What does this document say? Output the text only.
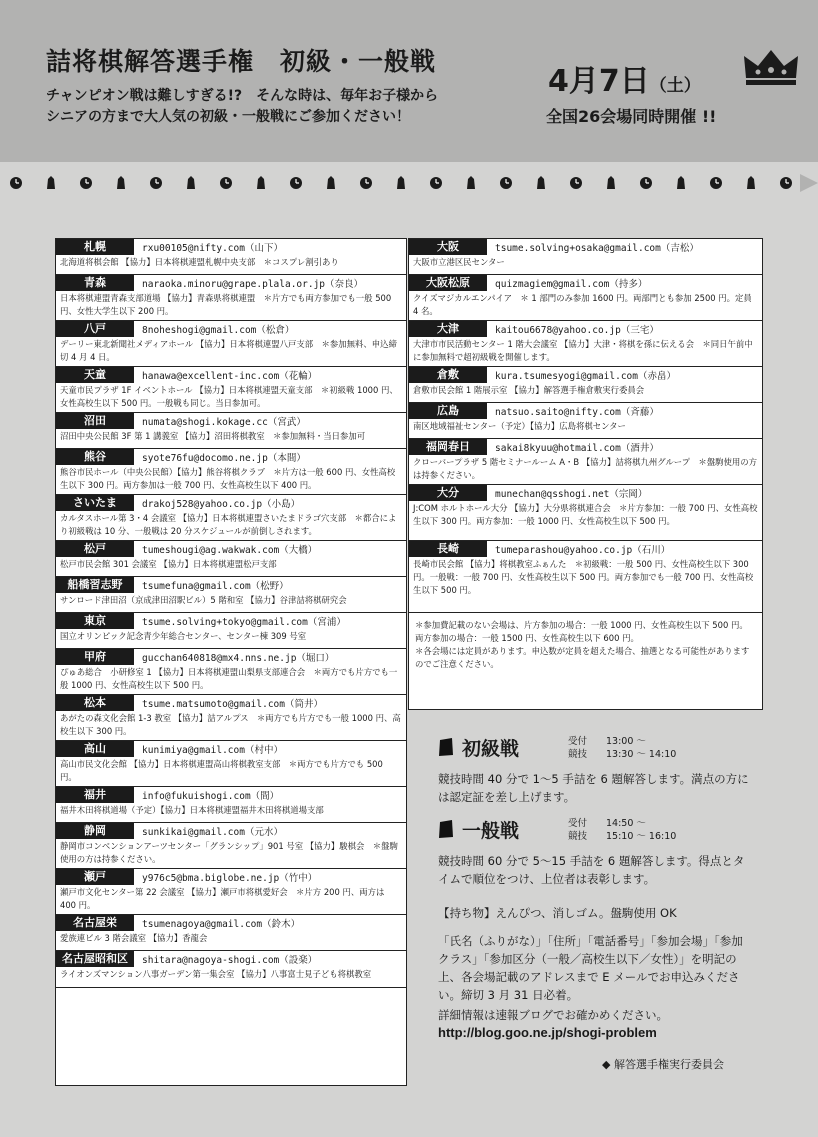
詰将棋解答選手権　初級・一般戦
チャンピオン戦は難しすぎる!?　そんな時は、毎年お子様から
シニアの方まで大人気の初級・一般戦にご参加ください！
4月7日（土）
全国26会場同時開催 !!
札幌	rxu00105@nifty.com（山下）
北海道将棋会館 【協力】日本将棋連盟札幌中央支部　＊コスプレ割引あり
青森	naraoka.minoru@grape.plala.or.jp（奈良）
日本将棋連盟青森支部道場 【協力】青森県将棋連盟　＊片方でも両方参加でも一般 500 円、女性大学生以下 200 円。
八戸	8noheshogi@gmail.com（松倉）
デーリー東北新聞社メディアホール 【協力】日本将棋連盟八戸支部　＊参加無料、申込締切 4 月 4 日。
天童	hanawa@excellent-inc.com（花輪）
天童市民プラザ 1F イベントホール 【協力】日本将棋連盟天童支部　＊初級戦 1000 円、女性高校生以下 500 円。一般戦も同じ。当日参加可。
沼田	numata@shogi.kokage.cc（宮武）
沼田中央公民館 3F 第 1 講義室 【協力】沼田将棋教室　＊参加無料・当日参加可
熊谷	syote76fu@docomo.ne.jp（本間）
熊谷市民ホール（中央公民館）【協力】熊谷将棋クラブ　＊片方は一般 600 円、女性高校生以下 300 円。両方参加は一般 700 円、女性高校生以下 400 円。
さいたま	drakoj528@yahoo.co.jp（小島）
カルタスホール第 3・4 会議室 【協力】日本将棋連盟さいたまドラゴ穴支部　＊都合により初級戦は 10 分、一般戦は 20 分スケジュールが前倒しされます。
松戸	tumeshougi@ag.wakwak.com（大橋）
松戸市民会館 301 会議室 【協力】日本将棋連盟松戸支部
船橋習志野	tsumefuna@gmail.com（松野）
サンロード津田沼（京成津田沼駅ビル）5 階和室 【協力】谷津詰将棋研究会
東京	tsume.solving+tokyo@gmail.com（宮浦）
国立オリンピック記念青少年総合センター、センター棟 309 号室
甲府	gucchan640818@mx4.nns.ne.jp（堀口）
ぴゅあ総合　小研修室 1 【協力】日本将棋連盟山梨県支部連合会　＊両方でも片方でも一般 1000 円、女性高校生以下 500 円。
松本	tsume.matsumoto@gmail.com（筒井）
あがたの森文化会館 1-3 教室 【協力】詰アルプス　＊両方でも片方でも一般 1000 円、高校生以下 300 円。
高山	kunimiya@gmail.com（村中）
高山市民文化会館 【協力】日本将棋連盟高山将棋教室支部　＊両方でも片方でも 500 円。
福井	info@fukuishogi.com（間）
福井木田将棋道場（予定）【協力】日本将棋連盟福井木田将棋道場支部
静岡	sunkikai@gmail.com（元水）
静岡市コンベンションアーツセンター「グランシップ」901 号室 【協力】駿棋会　＊盤駒使用の方は持参ください。
瀬戸	y976c5@bma.biglobe.ne.jp（竹中）
瀬戸市文化センター第 22 会議室 【協力】瀬戸市将棋愛好会　＊片方 200 円、両方は 400 円。
名古屋栄	tsumenagoya@gmail.com（鈴木）
愛族連ビル 3 階会議室 【協力】香龍会
名古屋昭和区	shitara@nagoya-shogi.com（設楽）
ライオンズマンション八事ガーデン第一集会室 【協力】八事富士見子ども将棋教室
大阪	tsume.solving+osaka@gmail.com（吉松）
大阪市立港区民センター
大阪松原	quizmagiem@gmail.com（持多）
クイズマジカルエンパイア　＊ 1 部門のみ参加 1600 円。両部門とも参加 2500 円。定員 4 名。
大津	kaitou6678@yahoo.co.jp（三宅）
大津市市民活動センター 1 階大会議室 【協力】大津・将棋を孫に伝える会　＊同日午前中に参加無料で超初級戦を開催します。
倉敷	kura.tsumesyogi@gmail.com（赤畠）
倉敷市民会館 1 階展示室 【協力】解答選手権倉敷実行委員会
広島	natsuo.saito@nifty.com（斉藤）
南区地域福祉センター（予定）【協力】広島将棋センター
福岡春日	sakai8kyuu@hotmail.com（酒井）
クローバープラザ 5 階セミナールーム A・B 【協力】詰将棋九州グループ　＊盤駒使用の方は持参ください。
大分	munechan@qsshogi.net（宗岡）
J:COM ホルトホール大分 【協力】大分県将棋連合会　＊片方参加：一般 700 円、女性高校生以下 300 円。両方参加：一般 1000 円、女性高校生以下 500 円。
長崎	tumeparashou@yahoo.co.jp（石川）
長崎市民会館 【協力】将棋教室ふぁんた　＊初級戦：一般 500 円、女性高校生以下 300 円。一般戦：一般 700 円、女性高校生以下 500 円。両方参加でも一般 700 円、女性高校生以下 500 円。
＊参加費記載のない会場は、片方参加の場合：一般 1000 円、女性高校生以下 500 円。両方参加の場合：一般 1500 円、女性高校生以下 600 円。
＊各会場には定員があります。申込数が定員を超えた場合、抽選となる可能性がありますのでご注意ください。
初級戦	受付　　13:00 〜
競技　　13:30 〜 14:10
競技時間 40 分で 1〜5 手詰を 6 題解答します。満点の方には認定証を差し上げます。
一般戦	受付　　14:50 〜
競技　　15:10 〜 16:10
競技時間 60 分で 5〜15 手詰を 6 題解答します。得点とタイムで順位をつけ、上位者は表彰します。
【持ち物】えんぴつ、消しゴム。盤駒使用 OK
「氏名（ふりがな）」「住所」「電話番号」「参加会場」「参加クラス」「参加区分（一般／高校生以下／女性）」を明記の上、各会場記載のアドレスまで E メールでお申込みください。締切 3 月 31 日必着。
詳細情報は速報ブログでお確かめください。
http://blog.goo.ne.jp/shogi-problem
◆ 解答選手権実行委員会
